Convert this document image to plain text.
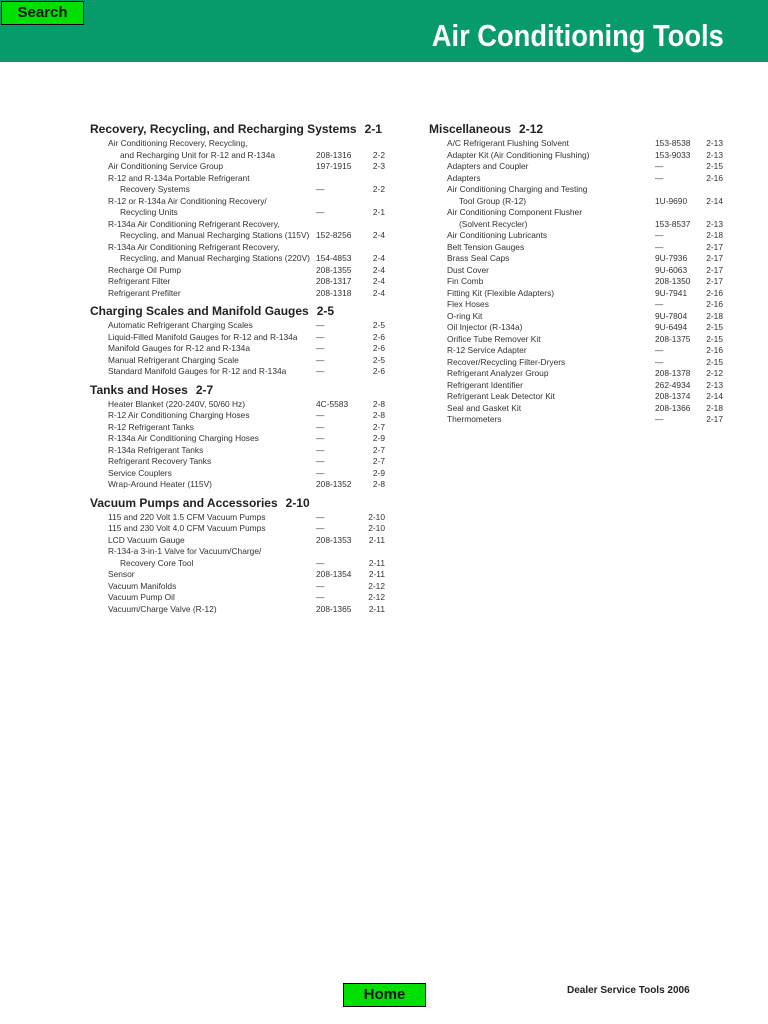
Air Conditioning Tools
Search
Recovery, Recycling, and Recharging Systems 2-1
Air Conditioning Recovery, Recycling,
and Recharging Unit for R-12 and R-134a	208-1316	2-2
Air Conditioning Service Group	197-1915	2-3
R-12 and R-134a Portable Refrigerant
Recovery Systems	—	2-2
R-12 or R-134a Air Conditioning Recovery/
Recycling Units	—	2-1
R-134a Air Conditioning Refrigerant Recovery,
Recycling, and Manual Recharging Stations (115V) 152-8256	2-4
R-134a Air Conditioning Refrigerant Recovery,
Recycling, and Manual Recharging Stations (220V) 154-4853	2-4
Recharge Oil Pump	208-1355	2-4
Refrigerant Filter	208-1317	2-4
Refrigerant Prefilter	208-1318	2-4
Charging Scales and Manifold Gauges 2-5
Automatic Refrigerant Charging Scales	—	2-5
Liquid-Filled Manifold Gauges for R-12 and R-134a —	2-6
Manifold Gauges for R-12 and R-134a	—	2-6
Manual Refrigerant Charging Scale	—	2-5
Standard Manifold Gauges for R-12 and R-134a	—	2-6
Tanks and Hoses 2-7
Heater Blanket (220-240V, 50/60 Hz)	4C-5583	2-8
R-12 Air Conditioning Charging Hoses	—	2-8
R-12 Refrigerant Tanks	—	2-7
R-134a Air Conditioning Charging Hoses	—	2-9
R-134a Refrigerant Tanks	—	2-7
Refrigerant Recovery Tanks	—	2-7
Service Couplers	—	2-9
Wrap-Around Heater (115V)	208-1352	2-8
Vacuum Pumps and Accessories 2-10
115 and 220 Volt 1.5 CFM Vacuum Pumps	—	2-10
115 and 230 Volt 4.0 CFM Vacuum Pumps	—	2-10
LCD Vacuum Gauge	208-1353	2-11
R-134-a 3-in-1 Valve for Vacuum/Charge/
Recovery Core Tool	—	2-11
Sensor	208-1354	2-11
Vacuum Manifolds	—	2-12
Vacuum Pump Oil	—	2-12
Vacuum/Charge Valve (R-12)	208-1365	2-11
Miscellaneous 2-12
A/C Refrigerant Flushing Solvent	153-8538	2-13
Adapter Kit (Air Conditioning Flushing)	153-9033	2-13
Adapters and Coupler	—	2-15
Adapters	—	2-16
Air Conditioning Charging and Testing
Tool Group (R-12)	1U-9690	2-14
Air Conditioning Component Flusher
(Solvent Recycler)	153-8537	2-13
Air Conditioning Lubricants	—	2-18
Belt Tension Gauges	—	2-17
Brass Seal Caps	9U-7936	2-17
Dust Cover	9U-6063	2-17
Fin Comb	208-1350	2-17
Fitting Kit (Flexible Adapters)	9U-7941	2-16
Flex Hoses	—	2-16
O-ring Kit	9U-7804	2-18
Oil Injector (R-134a)	9U-6494	2-15
Orifice Tube Remover Kit	208-1375	2-15
R-12 Service Adapter	—	2-16
Recover/Recycling Filter-Dryers	—	2-15
Refrigerant Analyzer Group	208-1378	2-12
Refrigerant Identifier	262-4934	2-13
Refrigerant Leak Detector Kit	208-1374	2-14
Seal and Gasket Kit	208-1366	2-18
Thermometers	—	2-17
Home	Dealer Service Tools 2006
